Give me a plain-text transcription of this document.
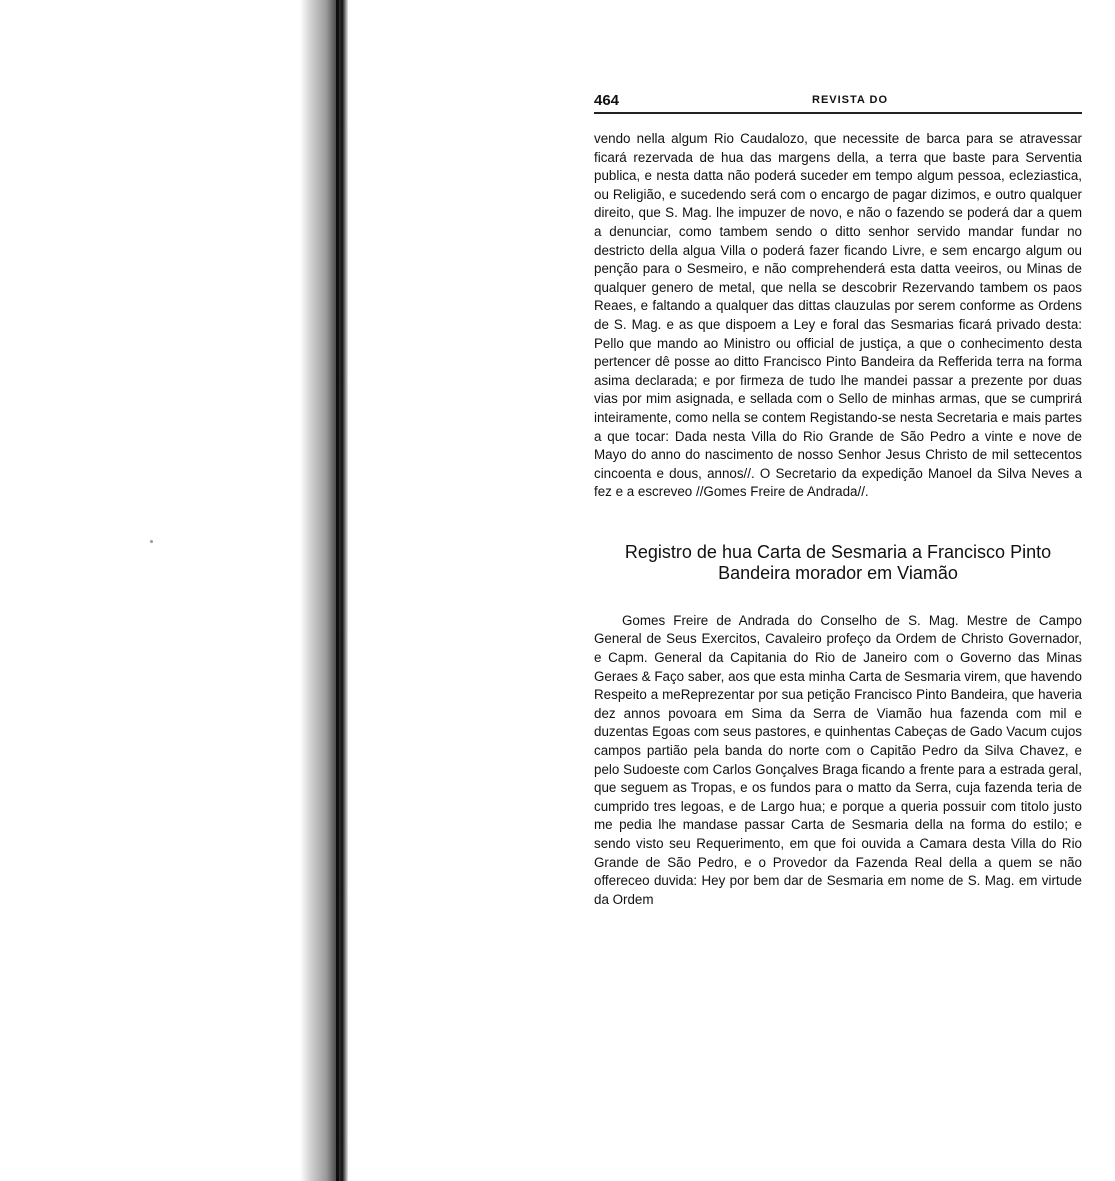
464	REVISTA DO

vendo nella algum Rio Caudalozo, que necessite de barca para se atravessar ficará rezervada de hua das margens della, a terra que baste para Serventia publica, e nesta datta não poderá suceder em tempo algum pessoa, ecleziastica, ou Religião, e sucedendo será com o encargo de pagar dizimos, e outro qualquer direito, que S. Mag. lhe impuzer de novo, e não o fazendo se poderá dar a quem a denunciar, como tambem sendo o ditto senhor servido mandar fundar no destricto della algua Villa o poderá fazer ficando Livre, e sem encargo algum ou penção para o Sesmeiro, e não comprehenderá esta datta veeiros, ou Minas de qualquer genero de metal, que nella se descobrir Rezervando tambem os paos Reaes, e faltando a qualquer das dittas clauzulas por serem conforme as Ordens de S. Mag. e as que dispoem a Ley e foral das Sesmarias ficará privado desta: Pello que mando ao Ministro ou official de justiça, a que o conhecimento desta pertencer dê posse ao ditto Francisco Pinto Bandeira da Refferida terra na forma asima declarada; e por firmeza de tudo lhe mandei passar a prezente por duas vias por mim asignada, e sellada com o Sello de minhas armas, que se cumprirá inteiramente, como nella se contem Registando-se nesta Secretaria e mais partes a que tocar: Dada nesta Villa do Rio Grande de São Pedro a vinte e nove de Mayo do anno do nascimento de nosso Senhor Jesus Christo de mil settecentos cincoenta e dous, annos//. O Secretario da expedição Manoel da Silva Neves a fez e a escreveo //Gomes Freire de Andrada//.

Registro de hua Carta de Sesmaria a Francisco Pinto Bandeira morador em Viamão

Gomes Freire de Andrada do Conselho de S. Mag. Mestre de Campo General de Seus Exercitos, Cavaleiro profeço da Ordem de Christo Governador, e Capm. General da Capitania do Rio de Janeiro com o Governo das Minas Geraes & Faço saber, aos que esta minha Carta de Sesmaria virem, que havendo Respeito a meReprezentar por sua petição Francisco Pinto Bandeira, que haveria dez annos povoara em Sima da Serra de Viamão hua fazenda com mil e duzentas Egoas com seus pastores, e quinhentas Cabeças de Gado Vacum cujos campos partião pela banda do norte com o Capitão Pedro da Silva Chavez, e pelo Sudoeste com Carlos Gonçalves Braga ficando a frente para a estrada geral, que seguem as Tropas, e os fundos para o matto da Serra, cuja fazenda teria de cumprido tres legoas, e de Largo hua; e porque a queria possuir com titolo justo me pedia lhe mandase passar Carta de Sesmaria della na forma do estilo; e sendo visto seu Requerimento, em que foi ouvida a Camara desta Villa do Rio Grande de São Pedro, e o Provedor da Fazenda Real della a quem se não offereceo duvida: Hey por bem dar de Sesmaria em nome de S. Mag. em virtude da Ordem
